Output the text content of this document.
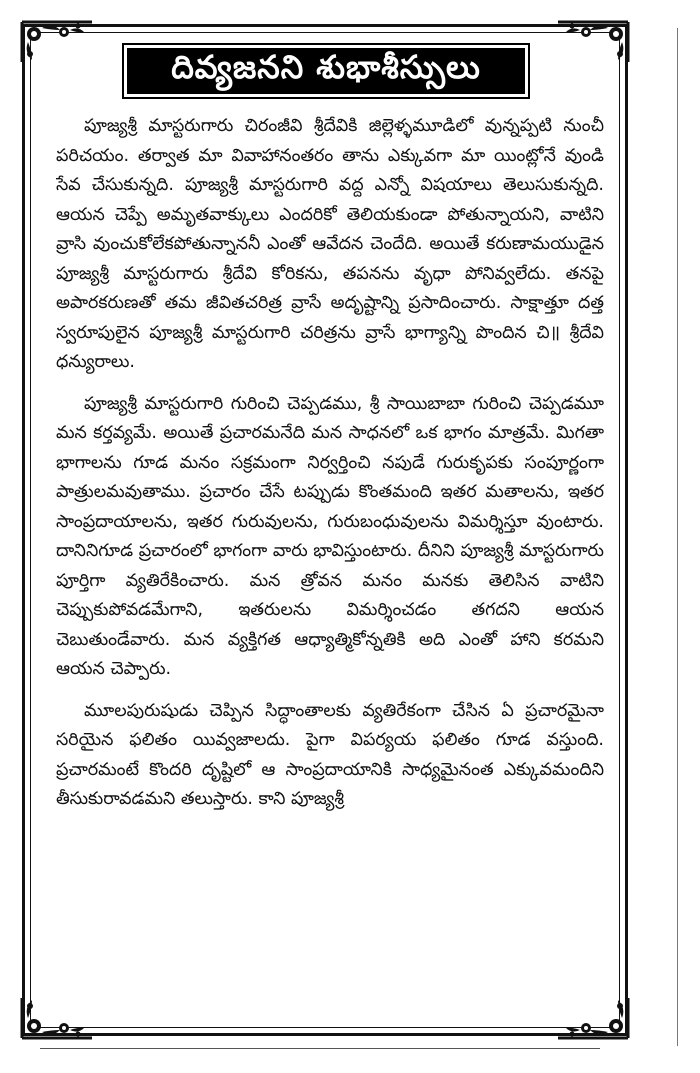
దివ్యజనని శుభాశీస్సులు

పూజ్యశ్రీ మాస్టరుగారు చిరంజీవి శ్రీదేవికి జిల్లెళ్ళమూడిలో వున్నప్పటి నుంచీ పరిచయం. తర్వాత మా వివాహానంతరం తాను ఎక్కువగా మా యింట్లోనే వుండి సేవ చేసుకున్నది. పూజ్యశ్రీ మాస్టరుగారి వద్ద ఎన్నో విషయాలు తెలుసుకున్నది. ఆయన చెప్పే అమృతవాక్కులు ఎందరికో తెలియకుండా పోతున్నాయని, వాటిని వ్రాసి వుంచుకోలేకపోతున్నాననీ ఎంతో ఆవేదన చెందేది. అయితే కరుణామయుడైన పూజ్యశ్రీ మాస్టరుగారు శ్రీదేవి కోరికను, తపనను వృధా పోనివ్వలేదు. తనపై అపారకరుణతో తమ జీవితచరిత్ర వ్రాసే అదృష్టాన్ని ప్రసాదించారు. సాక్షాత్తూ దత్త స్వరూపులైన పూజ్యశ్రీ మాస్టరుగారి చరిత్రను వ్రాసే భాగ్యాన్ని పొందిన చి॥ శ్రీదేవి ధన్యురాలు.

పూజ్యశ్రీ మాస్టరుగారి గురించి చెప్పడము, శ్రీ సాయిబాబా గురించి చెప్పడమూ మన కర్తవ్యమే. అయితే ప్రచారమనేది మన సాధనలో ఒక భాగం మాత్రమే. మిగతా భాగాలను గూడ మనం సక్రమంగా నిర్వర్తించి నపుడే గురుకృపకు సంపూర్ణంగా పాత్రులమవుతాము. ప్రచారం చేసే టప్పుడు కొంతమంది ఇతర మతాలను, ఇతర సాంప్రదాయాలను, ఇతర గురువులను, గురుబంధువులను విమర్శిస్తూ వుంటారు. దానినిగూడ ప్రచారంలో భాగంగా వారు భావిస్తుంటారు. దీనిని పూజ్యశ్రీ మాస్టరుగారు పూర్తిగా వ్యతిరేకించారు. మన త్రోవన మనం మనకు తెలిసిన వాటిని చెప్పుకుపోవడమేగాని, ఇతరులను విమర్శించడం తగదని ఆయన చెబుతుండేవారు. మన వ్యక్తిగత ఆధ్యాత్మికోన్నతికి అది ఎంతో హాని కరమని ఆయన చెప్పారు.

మూలపురుషుడు చెప్పిన సిద్ధాంతాలకు వ్యతిరేకంగా చేసిన ఏ ప్రచారమైనా సరియైన ఫలితం యివ్వజాలదు. పైగా విపర్యయ ఫలితం గూడ వస్తుంది. ప్రచారమంటే కొందరి దృష్టిలో ఆ సాంప్రదాయానికి సాధ్యమైనంత ఎక్కువమందిని తీసుకురావడమని తలుస్తారు. కాని పూజ్యశ్రీ
